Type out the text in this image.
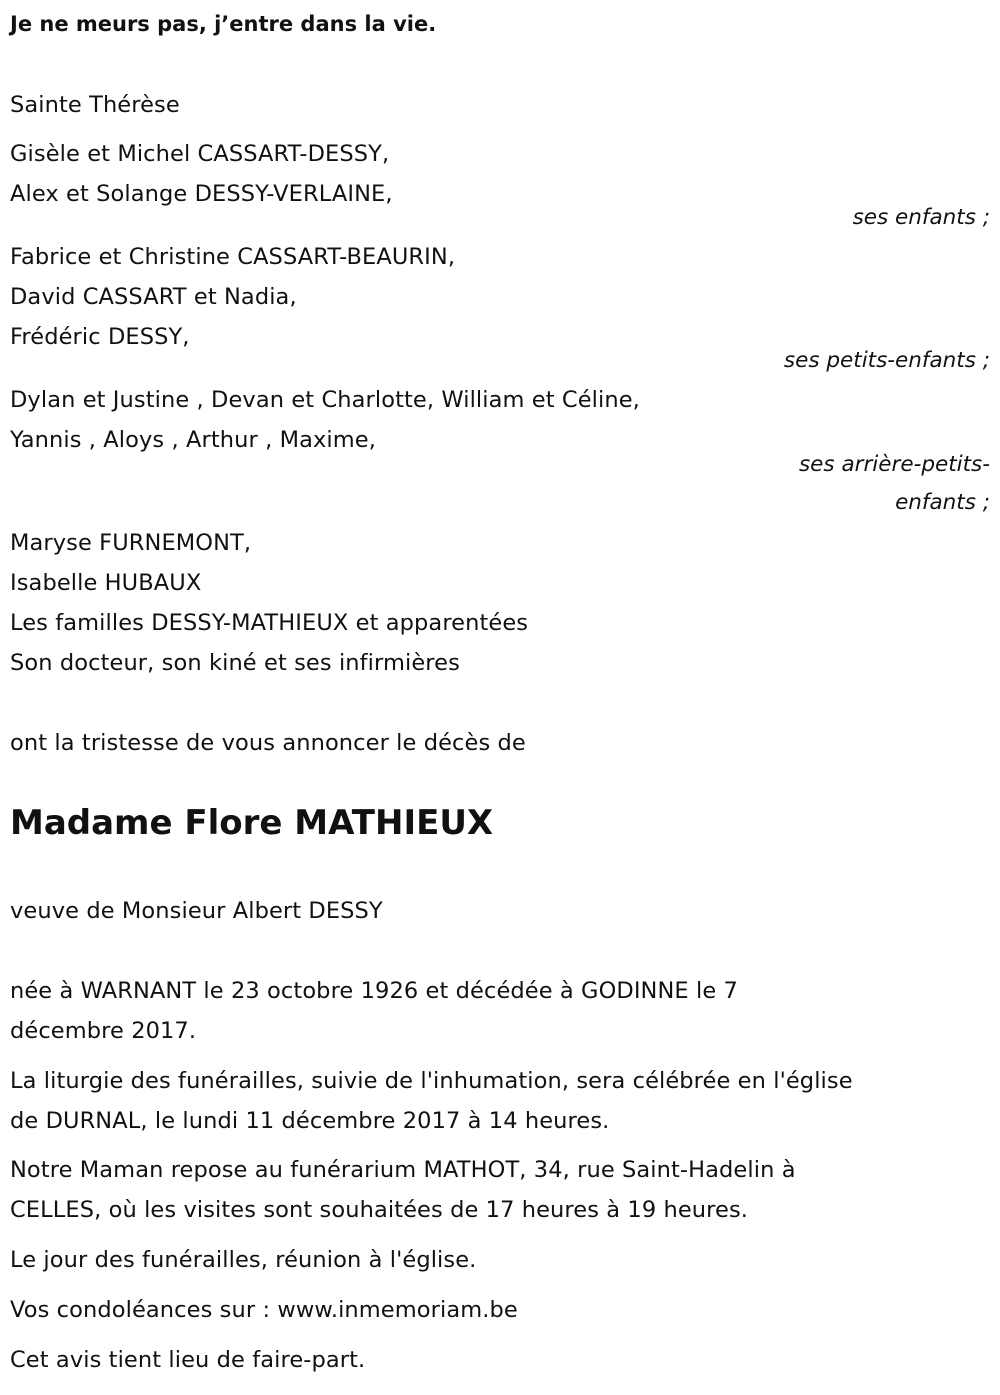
Je ne meurs pas, j’entre dans la vie.
Sainte Thérèse
Gisèle et Michel CASSART-DESSY,
Alex et Solange DESSY-VERLAINE,
ses enfants ;
Fabrice et Christine CASSART-BEAURIN,
David CASSART et Nadia,
Frédéric DESSY,
ses petits-enfants ;
Dylan et Justine , Devan et Charlotte, William et Céline,
Yannis , Aloys , Arthur , Maxime,
ses arrière-petits-
enfants ;
Maryse FURNEMONT,
Isabelle HUBAUX
Les familles DESSY-MATHIEUX et apparentées
Son docteur, son kiné et ses infirmières
ont la tristesse de vous annoncer le décès de
Madame Flore MATHIEUX
veuve de Monsieur Albert DESSY
née à WARNANT le 23 octobre 1926 et décédée à GODINNE le 7
décembre 2017.
La liturgie des funérailles, suivie de l'inhumation, sera célébrée en l'église
de DURNAL, le lundi 11 décembre 2017 à 14 heures.
Notre Maman repose au funérarium MATHOT, 34, rue Saint-Hadelin à
CELLES, où les visites sont souhaitées de 17 heures à 19 heures.
Le jour des funérailles, réunion à l'église.
Vos condoléances sur : www.inmemoriam.be
Cet avis tient lieu de faire-part.
